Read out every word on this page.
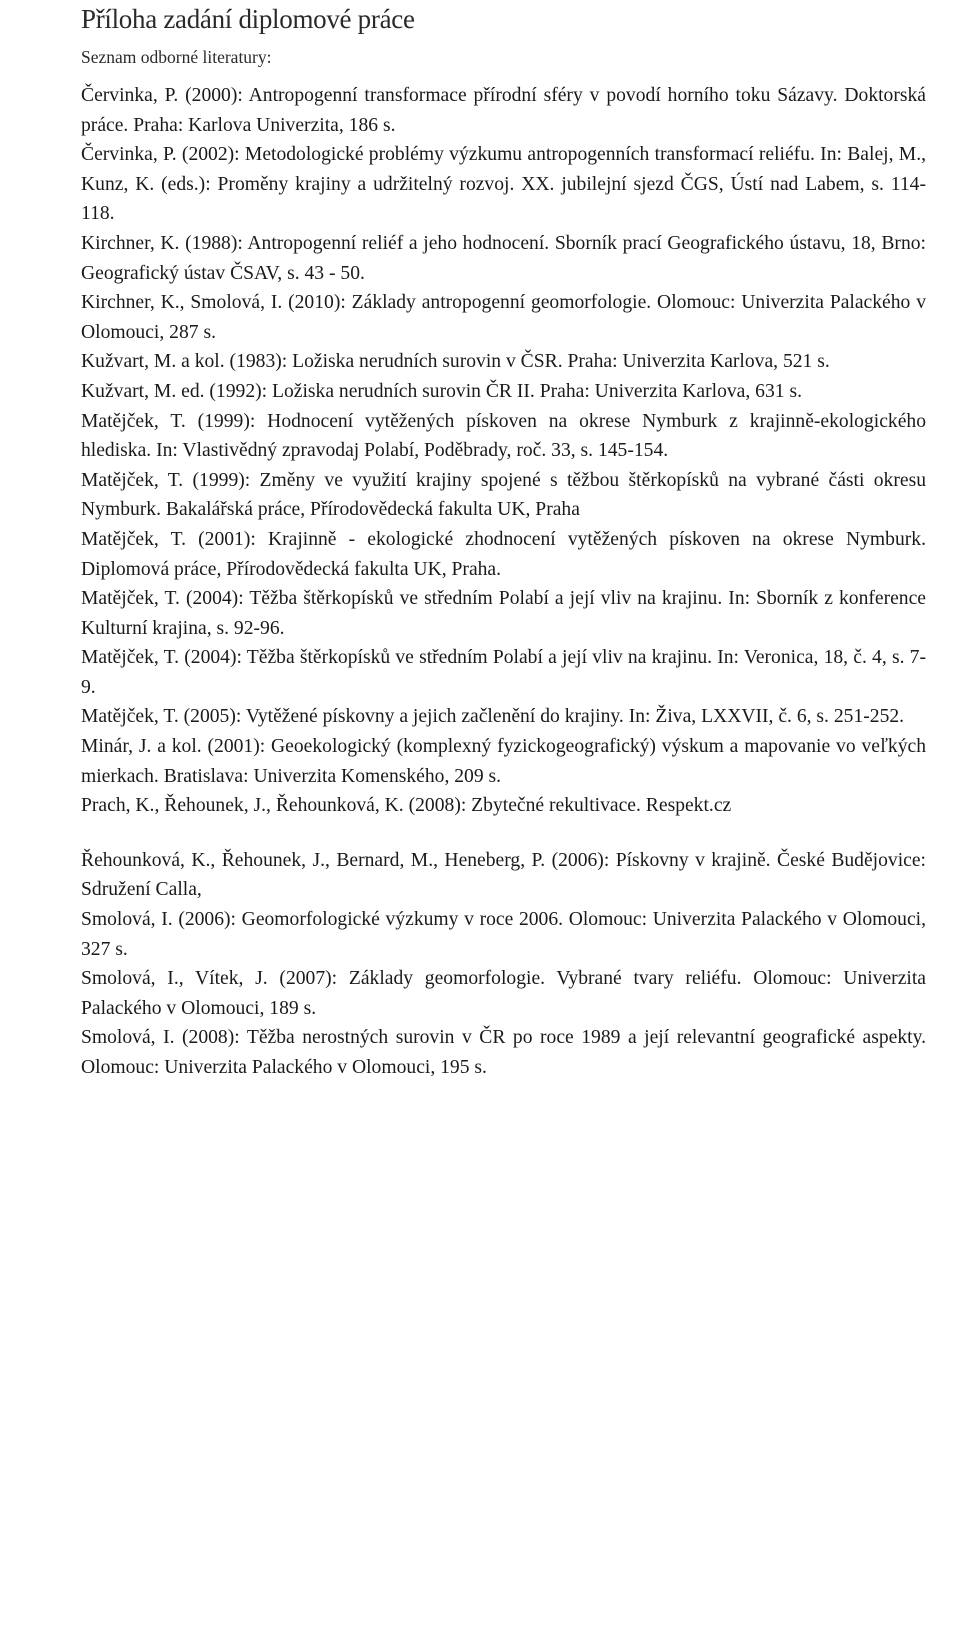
Příloha zadání diplomové práce
Seznam odborné literatury:
Červinka, P. (2000): Antropogenní transformace přírodní sféry v povodí horního toku Sázavy. Doktorská práce. Praha: Karlova Univerzita, 186 s.
Červinka, P. (2002): Metodologické problémy výzkumu antropogenních transformací reliéfu. In: Balej, M., Kunz, K. (eds.): Proměny krajiny a udržitelný rozvoj. XX. jubilejní sjezd ČGS, Ústí nad Labem, s. 114-118.
Kirchner, K. (1988): Antropogenní reliéf a jeho hodnocení. Sborník prací Geografického ústavu, 18, Brno: Geografický ústav ČSAV, s. 43 - 50.
Kirchner, K., Smolová, I. (2010): Základy antropogenní geomorfologie. Olomouc: Univerzita Palackého v Olomouci, 287 s.
Kužvart, M. a kol. (1983): Ložiska nerudních surovin v ČSR. Praha: Univerzita Karlova, 521 s.
Kužvart, M. ed. (1992): Ložiska nerudních surovin ČR II. Praha: Univerzita Karlova, 631 s.
Matějček, T. (1999): Hodnocení vytěžených pískoven na okrese Nymburk z krajinně-ekologického hlediska. In: Vlastivědný zpravodaj Polabí, Poděbrady, roč. 33, s. 145-154.
Matějček, T. (1999): Změny ve využití krajiny spojené s těžbou štěrkopísků na vybrané části okresu Nymburk. Bakalářská práce, Přírodovědecká fakulta UK, Praha
Matějček, T. (2001): Krajinně - ekologické zhodnocení vytěžených pískoven na okrese Nymburk. Diplomová práce, Přírodovědecká fakulta UK, Praha.
Matějček, T. (2004): Těžba štěrkopísků ve středním Polabí a její vliv na krajinu. In: Sborník z konference Kulturní krajina, s. 92-96.
Matějček, T. (2004): Těžba štěrkopísků ve středním Polabí a její vliv na krajinu. In: Veronica, 18, č. 4, s. 7-9.
Matějček, T. (2005): Vytěžené pískovny a jejich začlenění do krajiny. In: Živa, LXXVII, č. 6, s. 251-252.
Minár, J. a kol. (2001): Geoekologický (komplexný fyzickogeografický) výskum a mapovanie vo veľkých mierkach. Bratislava: Univerzita Komenského, 209 s.
Prach, K., Řehounek, J., Řehounková, K. (2008): Zbytečné rekultivace. Respekt.cz
Řehounková, K., Řehounek, J., Bernard, M., Heneberg, P. (2006): Pískovny v krajině. České Budějovice: Sdružení Calla,
Smolová, I. (2006): Geomorfologické výzkumy v roce 2006. Olomouc: Univerzita Palackého v Olomouci, 327 s.
Smolová, I., Vítek, J. (2007): Základy geomorfologie. Vybrané tvary reliéfu. Olomouc: Univerzita Palackého v Olomouci, 189 s.
Smolová, I. (2008): Těžba nerostných surovin v ČR po roce 1989 a její relevantní geografické aspekty. Olomouc: Univerzita Palackého v Olomouci, 195 s.
